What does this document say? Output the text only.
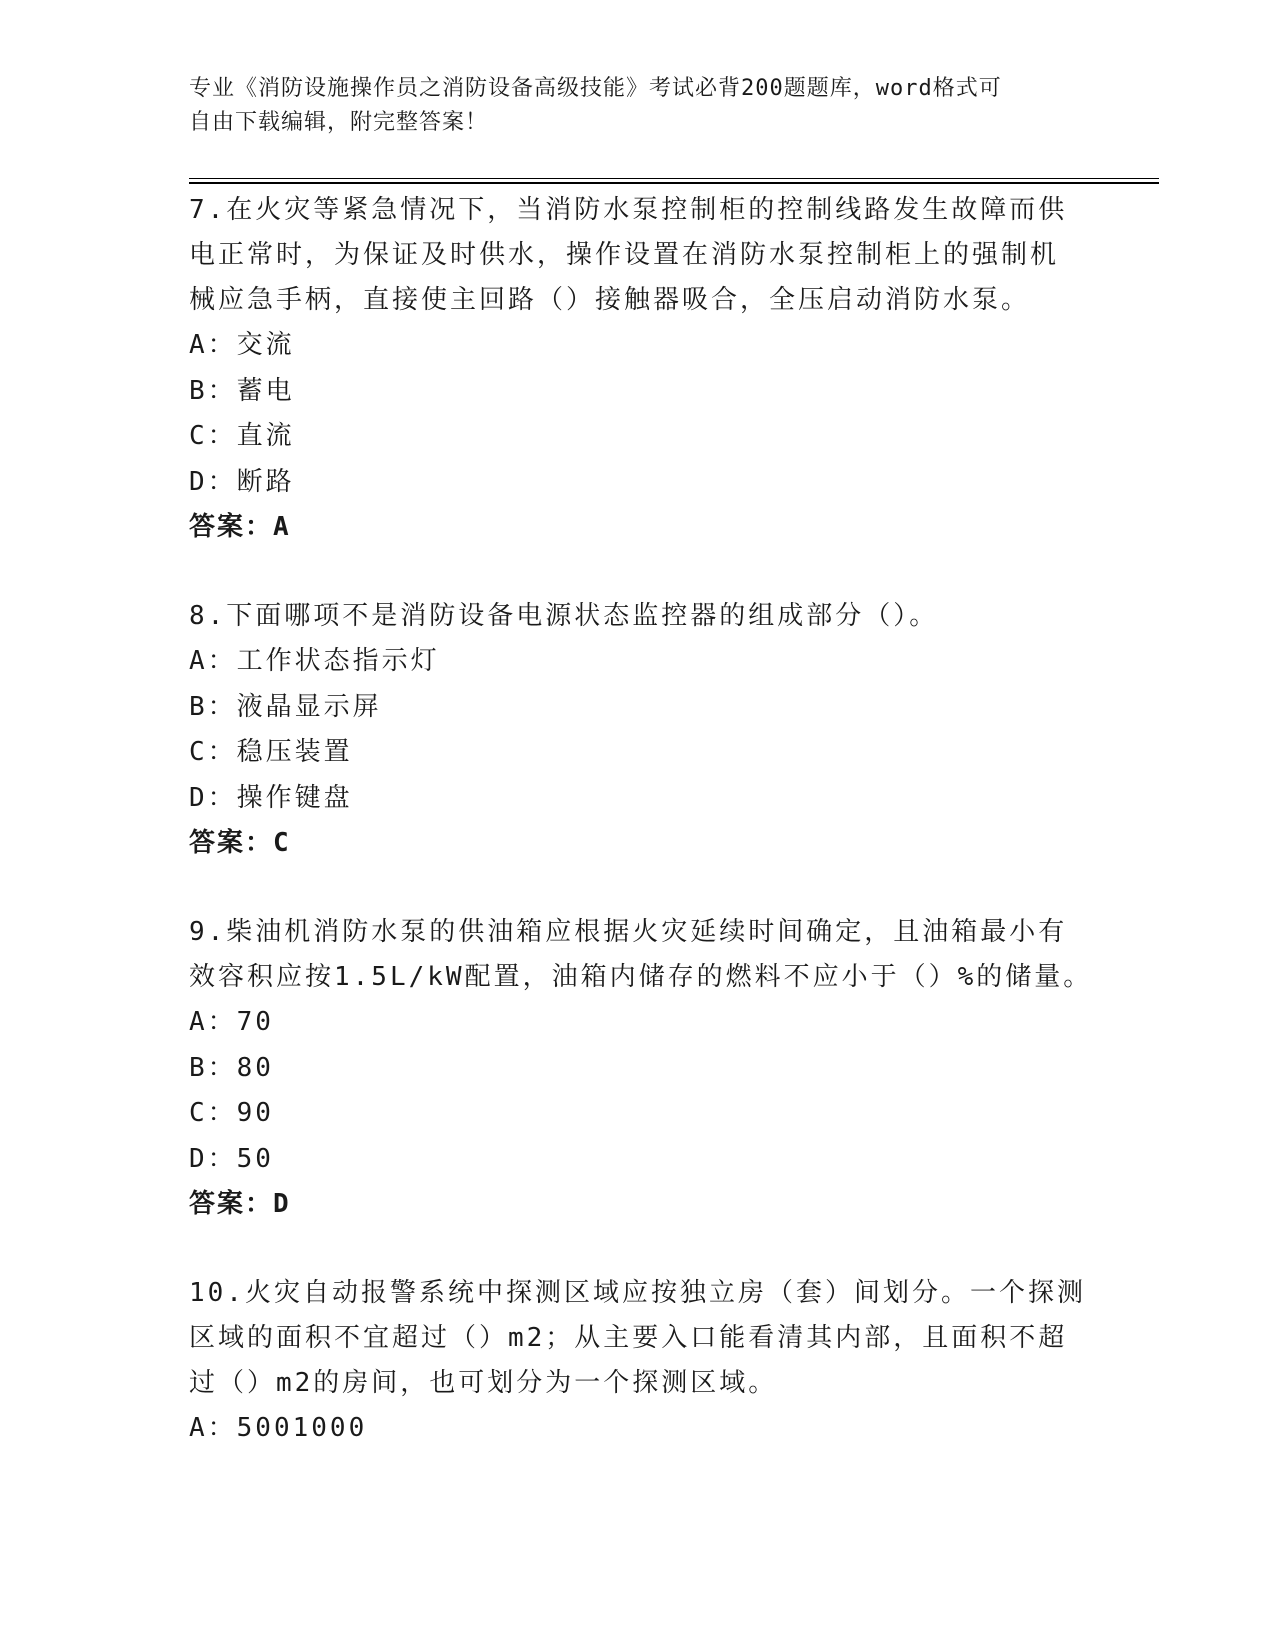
专业《消防设施操作员之消防设备高级技能》考试必背200题题库，word格式可
自由下载编辑，附完整答案！
7.在火灾等紧急情况下，当消防水泵控制柜的控制线路发生故障而供
电正常时，为保证及时供水，操作设置在消防水泵控制柜上的强制机
械应急手柄，直接使主回路（）接触器吸合，全压启动消防水泵。
A：交流
B：蓄电
C：直流
D：断路
答案：A
8.下面哪项不是消防设备电源状态监控器的组成部分（）。
A：工作状态指示灯
B：液晶显示屏
C：稳压装置
D：操作键盘
答案：C
9.柴油机消防水泵的供油箱应根据火灾延续时间确定，且油箱最小有
效容积应按1.5L/kW配置，油箱内储存的燃料不应小于（）%的储量。
A：70
B：80
C：90
D：50
答案：D
10.火灾自动报警系统中探测区域应按独立房（套）间划分。一个探测
区域的面积不宜超过（）m2；从主要入口能看清其内部，且面积不超
过（）m2的房间，也可划分为一个探测区域。
A：5001000
